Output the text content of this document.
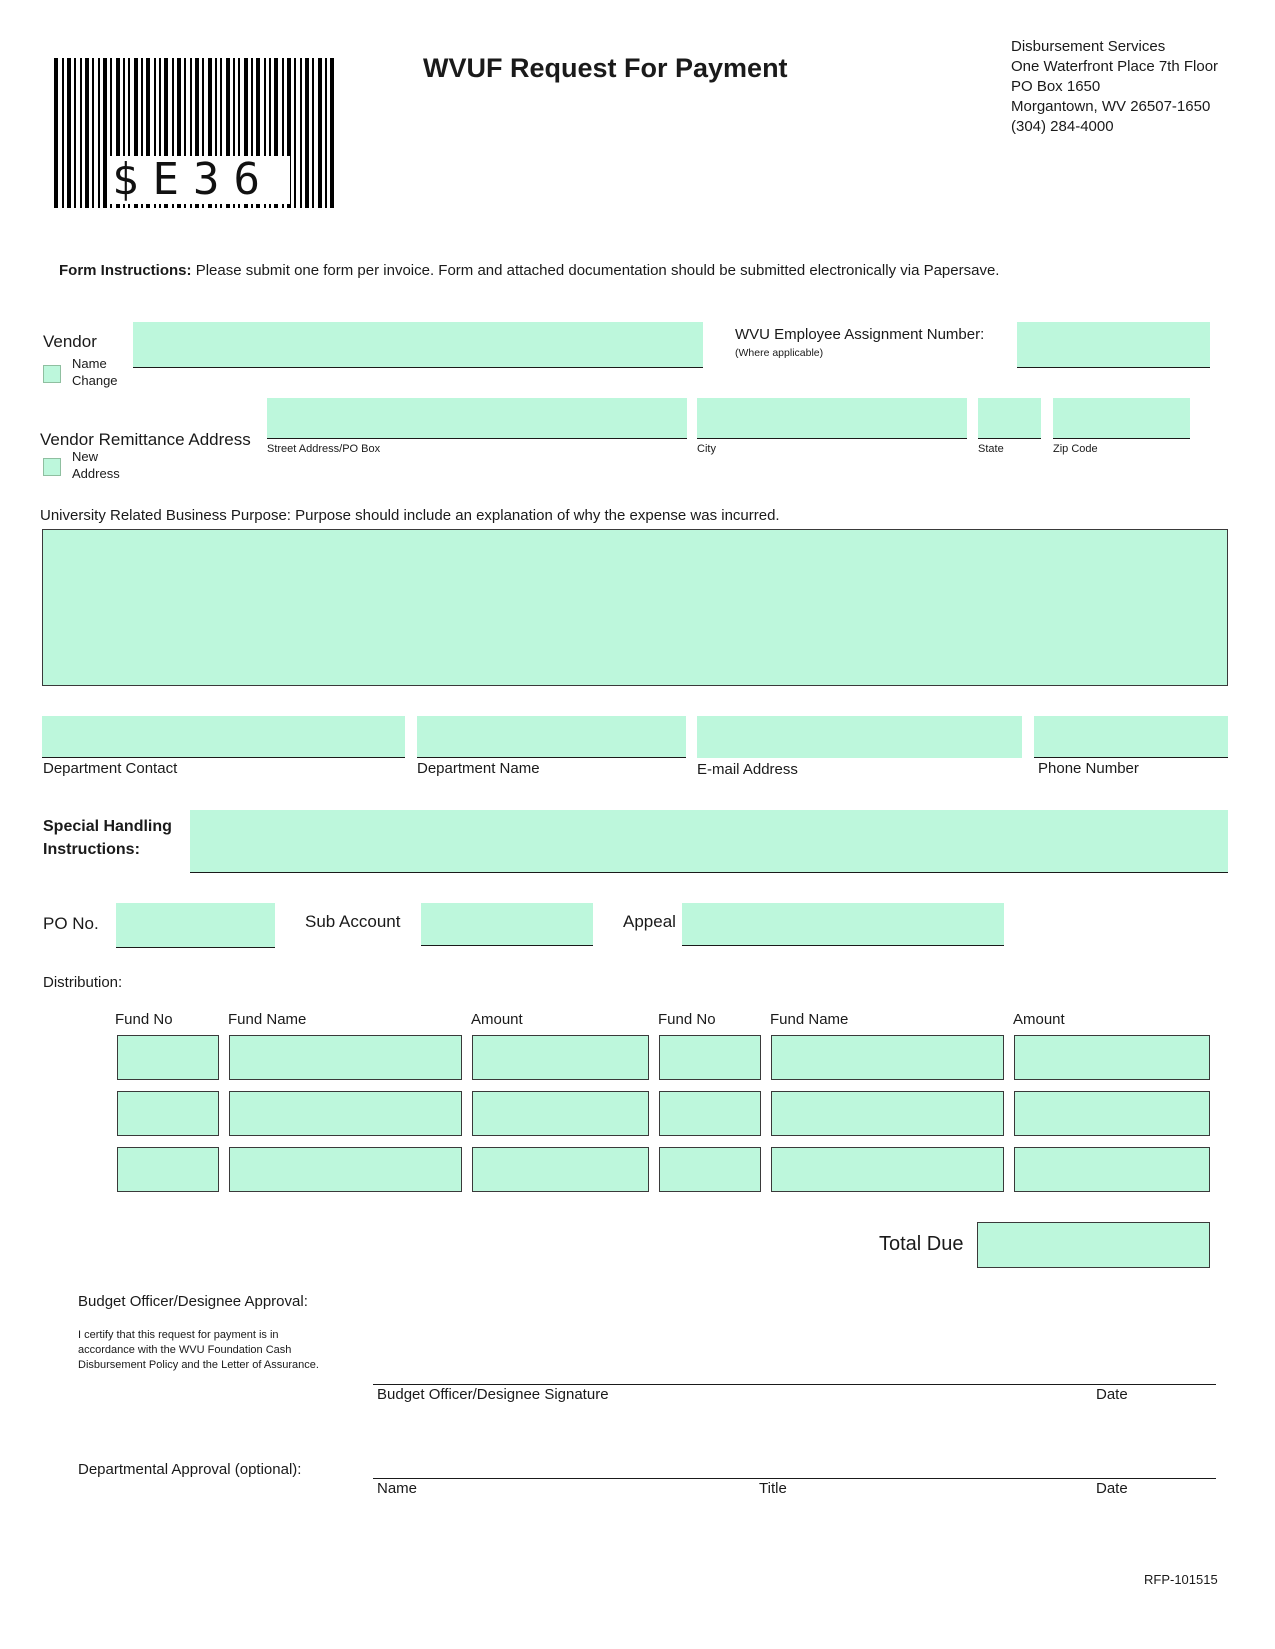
$E36
WVUF Request For Payment
Disbursement Services
One Waterfront Place 7th Floor
PO Box 1650
Morgantown, WV 26507-1650
(304) 284-4000
Form Instructions: Please submit one form per invoice. Form and attached documentation should be submitted electronically via Papersave.
Vendor
Name
Change
WVU Employee Assignment Number:
(Where applicable)
Vendor Remittance Address
New
Address
Street Address/PO Box	City	State	Zip Code
University Related Business Purpose: Purpose should include an explanation of why the expense was incurred.
Department Contact	Department Name	E-mail Address	Phone Number
Special Handling
Instructions:
PO No.	Sub Account	Appeal
Distribution:
Fund No	Fund Name	Amount	Fund No	Fund Name	Amount
Total Due
Budget Officer/Designee Approval:
I certify that this request for payment is in
accordance with the WVU Foundation Cash
Disbursement Policy and the Letter of Assurance.
Budget Officer/Designee Signature	Date
Departmental Approval (optional):
Name	Title	Date
RFP-101515
